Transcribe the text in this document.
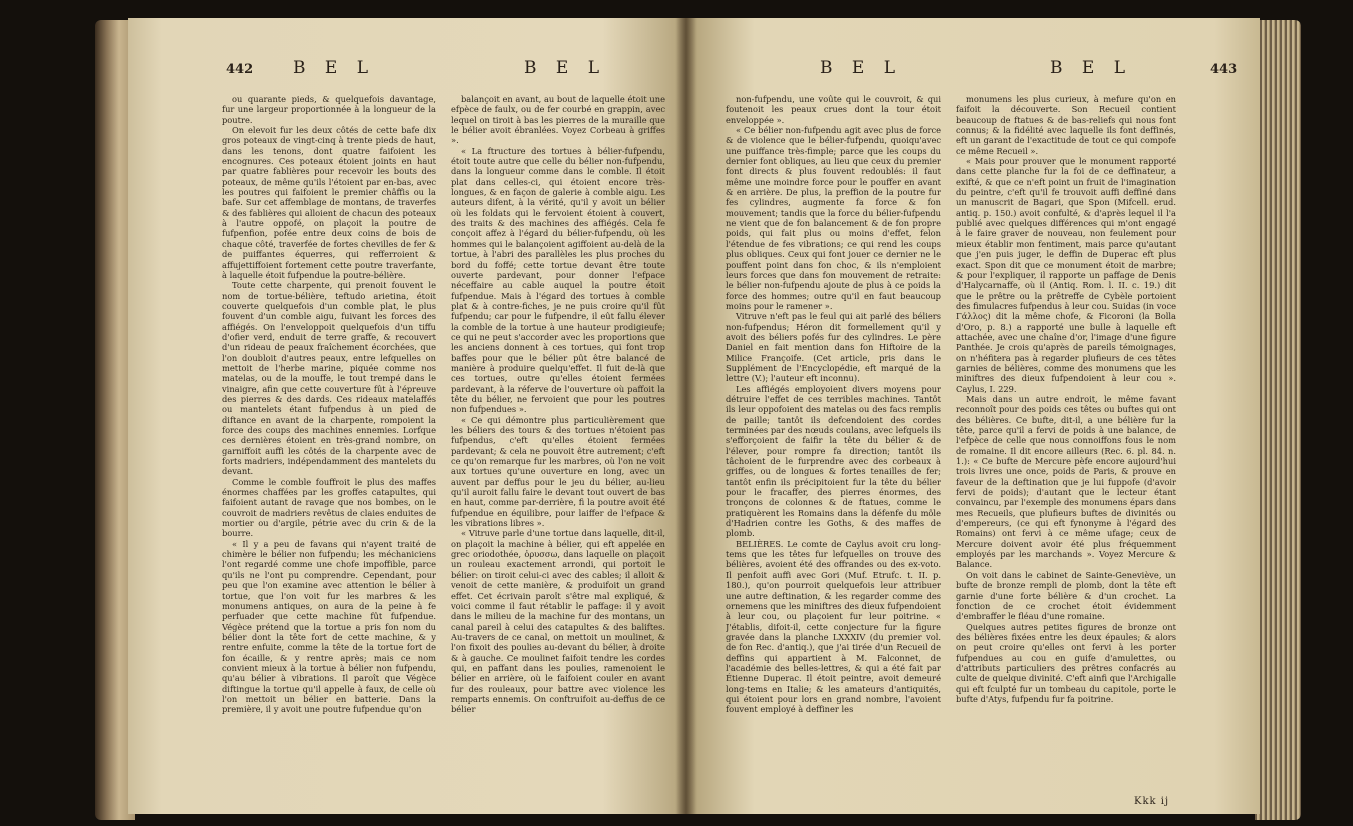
442 B E L	B E L

ou quarante pieds, & quelquefois davantage, fur une largeur proportionnée à la longueur de la poutre.

On elevoit fur les deux côtés de cette bafe dix gros poteaux de vingt-cinq à trente pieds de haut, dans les tenons, dont quatre faifoient les encognures. Ces poteaux étoient joints en haut par quatre fablières pour recevoir les bouts des poteaux, de même qu'ils l'étoient par en-bas, avec les poutres qui faifoient le premier châffis ou la bafe. Sur cet affemblage de montans, de traverfes & des fablières qui alloient de chacun des poteaux à l'autre oppofé, on plaçoit la poutre de fufpenfion, pofée entre deux coins de bois de chaque côté, traverfée de fortes chevilles de fer & de puiffantes équerres, qui refferroient & affujettiffoient fortement cette poutre traverfante, à laquelle étoit fufpendue la poutre-bélière.

Toute cette charpente, qui prenoit fouvent le nom de tortue-bélière, teftudo arietina, étoit couverte quelquefois d'un comble plat, le plus fouvent d'un comble aigu, fuivant les forces des affiégés. On l'enveloppoit quelquefois d'un tiffu d'ofier verd, enduit de terre graffe, & recouvert d'un rideau de peaux fraîchement écorchées, que l'on doubloit d'autres peaux, entre lefquelles on mettoit de l'herbe marine, piquée comme nos matelas, ou de la mouffe, le tout trempé dans le vinaigre, afin que cette couverture fût à l'épreuve des pierres & des dards. Ces rideaux matelaffés ou mantelets étant fufpendus à un pied de diftance en avant de la charpente, rompoient la force des coups des machines ennemies. Lorfque ces dernières étoient en très-grand nombre, on garniffoit auffi les côtés de la charpente avec de forts madriers, indépendamment des mantelets du devant.

Comme le comble fouffroit le plus des maffes énormes chaffées par les groffes catapultes, qui faifoient autant de ravage que nos bombes, on le couvroit de madriers revêtus de claies enduites de mortier ou d'argile, pétrie avec du crin & de la bourre.

« Il y a peu de favans qui n'ayent traité de chimère le bélier non fufpendu; les méchaniciens l'ont regardé comme une chofe impoffible, parce qu'ils ne l'ont pu comprendre. Cependant, pour peu que l'on examine avec attention le bélier à tortue, que l'on voit fur les marbres & les monumens antiques, on aura de la peine à fe perfuader que cette machine fût fufpendue. Végèce prétend que la tortue a pris fon nom du bélier dont la tête fort de cette machine, & y rentre enfuite, comme la tête de la tortue fort de fon écaille, & y rentre après; mais ce nom convient mieux à la tortue à bélier non fufpendu, qu'au bélier à vibrations. Il paroît que Végèce diftingue la tortue qu'il appelle à faux, de celle où l'on mettoit un bélier en batterie. Dans la première, il y avoit une poutre fufpendue qu'on

balançoit en avant, au bout de laquelle étoit une efpèce de faulx, ou de fer courbé en grappin, avec lequel on tiroit à bas les pierres de la muraille que le bélier avoit ébranlées. Voyez Corbeau à griffes ».

« La ftructure des tortues à bélier-fufpendu, étoit toute autre que celle du bélier non-fufpendu, dans la longueur comme dans le comble. Il étoit plat dans celles-ci, qui étoient encore très-longues, & en façon de galerie à comble aigu. Les auteurs difent, à la vérité, qu'il y avoit un bélier où les foldats qui le fervoient étoient à couvert, des traits & des machines des affiégés. Cela fe conçoit affez à l'égard du bélier-fufpendu, où les hommes qui le balançoient agiffoient au-delà de la tortue, à l'abri des parallèles les plus proches du bord du foffé; cette tortue devant être toute ouverte pardevant, pour donner l'efpace néceffaire au cable auquel la poutre étoit fufpendue. Mais à l'égard des tortues à comble plat & à contre-fiches, je ne puis croire qu'il fût fufpendu; car pour le fufpendre, il eût fallu élever la comble de la tortue à une hauteur prodigieufe; ce qui ne peut s'accorder avec les proportions que les anciens donnent à ces tortues, qui font trop baffes pour que le bélier pût être balancé de manière à produire quelqu'effet. Il fuit de-là que ces tortues, outre qu'elles étoient fermées pardevant, à la réferve de l'ouverture où paffoit la tête du bélier, ne fervoient que pour les poutres non fufpendues ».

« Ce qui démontre plus particulièrement que les béliers des tours & des tortues n'étoient pas fufpendus, c'eft qu'elles étoient fermées pardevant; & cela ne pouvoit être autrement; c'eft ce qu'on remarque fur les marbres, où l'on ne voit aux tortues qu'une ouverture en long, avec un auvent par deffus pour le jeu du bélier, au-lieu qu'il auroit fallu faire le devant tout ouvert de bas en haut, comme par-derrière, fi la poutre avoit été fufpendue en équilibre, pour laiffer de l'efpace & les vibrations libres ».

« Vitruve parle d'une tortue dans laquelle, dit-il, on plaçoit la machine à bélier, qui eft appelée en grec oriodothée, ὀρυσσω, dans laquelle on plaçoit un rouleau exactement arrondi, qui portoit le bélier: on tiroit celui-ci avec des cables; il alloit & venoit de cette manière, & produifoit un grand effet. Cet écrivain paroît s'être mal expliqué, & voici comme il faut rétablir le paffage: il y avoit dans le milieu de la machine fur des montans, un canal pareil à celui des catapultes & des baliftes. Au-travers de ce canal, on mettoit un moulinet, & l'on fixoit des poulies au-devant du bélier, à droite & à gauche. Ce moulinet faifoit tendre les cordes qui, en paffant dans les poulies, ramenoient le bélier en arrière, où le faifoient couler en avant fur des rouleaux, pour battre avec violence les remparts ennemis. On conftruifoit au-deffus de ce bélier

B E L	B E L	443

non-fufpendu, une voûte qui le couvroit, & qui foutenoit les peaux crues dont la tour étoit enveloppée ».

« Ce bélier non-fufpendu agit avec plus de force & de violence que le bélier-fufpendu, quoiqu'avec une puiffance très-fimple; parce que les coups du dernier font obliques, au lieu que ceux du premier font directs & plus fouvent redoublés: il faut même une moindre force pour le pouffer en avant & en arrière. De plus, la preffion de la poutre fur fes cylindres, augmente fa force & fon mouvement; tandis que la force du bélier-fufpendu ne vient que de fon balancement & de fon propre poids, qui fait plus ou moins d'effet, felon l'étendue de fes vibrations; ce qui rend les coups plus obliques. Ceux qui font jouer ce dernier ne le pouffent point dans fon choc, & ils n'emploient leurs forces que dans fon mouvement de retraite: le bélier non-fufpendu ajoute de plus à ce poids la force des hommes; outre qu'il en faut beaucoup moins pour le ramener ».

Vitruve n'eft pas le feul qui ait parlé des béliers non-fufpendus; Héron dit formellement qu'il y avoit des béliers pofés fur des cylindres. Le père Daniel en fait mention dans fon Hiftoire de la Milice Françoife. (Cet article, pris dans le Supplément de l'Encyclopédie, eft marqué de la lettre (V.); l'auteur eft inconnu).

Les affiégés employoient divers moyens pour détruire l'effet de ces terribles machines. Tantôt ils leur oppofoient des matelas ou des facs remplis de paille; tantôt ils defcendoient des cordes terminées par des nœuds coulans, avec lefquels ils s'efforçoient de faifir la tête du bélier & de l'élever, pour rompre fa direction; tantôt ils tâchoient de le furprendre avec des corbeaux à griffes, ou de longues & fortes tenailles de fer; tantôt enfin ils précipitoient fur la tête du bélier pour le fracaffer, des pierres énormes, des tronçons de colonnes & de ftatues, comme le pratiquèrent les Romains dans la défenfe du môle d'Hadrien contre les Goths, & des maffes de plomb.

BELIÈRES. Le comte de Caylus avoit cru long-tems que les têtes fur lefquelles on trouve des bélières, avoient été des offrandes ou des ex-voto. Il penfoit auffi avec Gori (Muf. Etrufc. t. II. p. 180.), qu'on pourroit quelquefois leur attribuer une autre deftination, & les regarder comme des ornemens que les miniftres des dieux fufpendoient à leur cou, ou plaçoient fur leur poitrine. « J'établis, difoit-il, cette conjecture fur la figure gravée dans la planche LXXXIV (du premier vol. de fon Rec. d'antiq.), que j'ai tirée d'un Recueil de deffins qui appartient à M. Falconnet, de l'académie des belles-lettres, & qui a été fait par Étienne Duperac. Il étoit peintre, avoit demeuré long-tems en Italie; & les amateurs d'antiquités, qui étoient pour lors en grand nombre, l'avoient fouvent employé à deffiner les

monumens les plus curieux, à mefure qu'on en faifoit la découverte. Son Recueil contient beaucoup de ftatues & de bas-reliefs qui nous font connus; & la fidélité avec laquelle ils font deffinés, eft un garant de l'exactitude de tout ce qui compofe ce même Recueil ».

« Mais pour prouver que le monument rapporté dans cette planche fur la foi de ce deffinateur, a exifté, & que ce n'eft point un fruit de l'imagination du peintre, c'eft qu'il fe trouvoit auffi deffiné dans un manuscrit de Bagari, que Spon (Mifcell. erud. antiq. p. 150.) avoit confulté, & d'après lequel il l'a publié avec quelques différences qui m'ont engagé à le faire graver de nouveau, non feulement pour mieux établir mon fentiment, mais parce qu'autant que j'en puis juger, le deffin de Duperac eft plus exact. Spon dit que ce monument étoit de marbre; & pour l'expliquer, il rapporte un paffage de Denis d'Halycarnaffe, où il (Antiq. Rom. l. II. c. 19.) dit que le prêtre ou la prêtreffe de Cybèle portoient des fimulacres fufpendus à leur cou. Suidas (in voce Γάλλος) dit la même chofe, & Ficoroni (la Bolla d'Oro, p. 8.) a rapporté une bulle à laquelle eft attachée, avec une chaîne d'or, l'image d'une figure Panthée. Je crois qu'après de pareils témoignages, on n'héfitera pas à regarder plufieurs de ces têtes garnies de bélières, comme des monumens que les miniftres des dieux fufpendoient à leur cou ». Caylus, I. 229.

Mais dans un autre endroit, le même favant reconnoît pour des poids ces têtes ou buftes qui ont des bélières. Ce bufte, dit-il, a une bélière fur la tête, parce qu'il a fervi de poids à une balance, de l'efpèce de celle que nous connoiffons fous le nom de romaine. Il dit encore ailleurs (Rec. 6. pl. 84. n. 1.): « Ce bufte de Mercure pèfe encore aujourd'hui trois livres une once, poids de Paris, & prouve en faveur de la deftination que je lui fuppofe (d'avoir fervi de poids); d'autant que le lecteur étant convaincu, par l'exemple des monumens épars dans mes Recueils, que plufieurs buftes de divinités ou d'empereurs, (ce qui eft fynonyme à l'égard des Romains) ont fervi à ce même ufage; ceux de Mercure doivent avoir été plus fréquemment employés par les marchands ». Voyez Mercure & Balance.

On voit dans le cabinet de Sainte-Geneviève, un bufte de bronze rempli de plomb, dont la tête eft garnie d'une forte bélière & d'un crochet. La fonction de ce crochet étoit évidemment d'embraffer le fléau d'une romaine.

Quelques autres petites figures de bronze ont des bélières fixées entre les deux épaules; & alors on peut croire qu'elles ont fervi à les porter fufpendues au cou en guife d'amulettes, ou d'attributs particuliers des prêtres confacrés au culte de quelque divinité. C'eft ainfi que l'Archigalle qui eft fculpté fur un tombeau du capitole, porte le bufte d'Atys, fufpendu fur fa poitrine.

Kkk ij
